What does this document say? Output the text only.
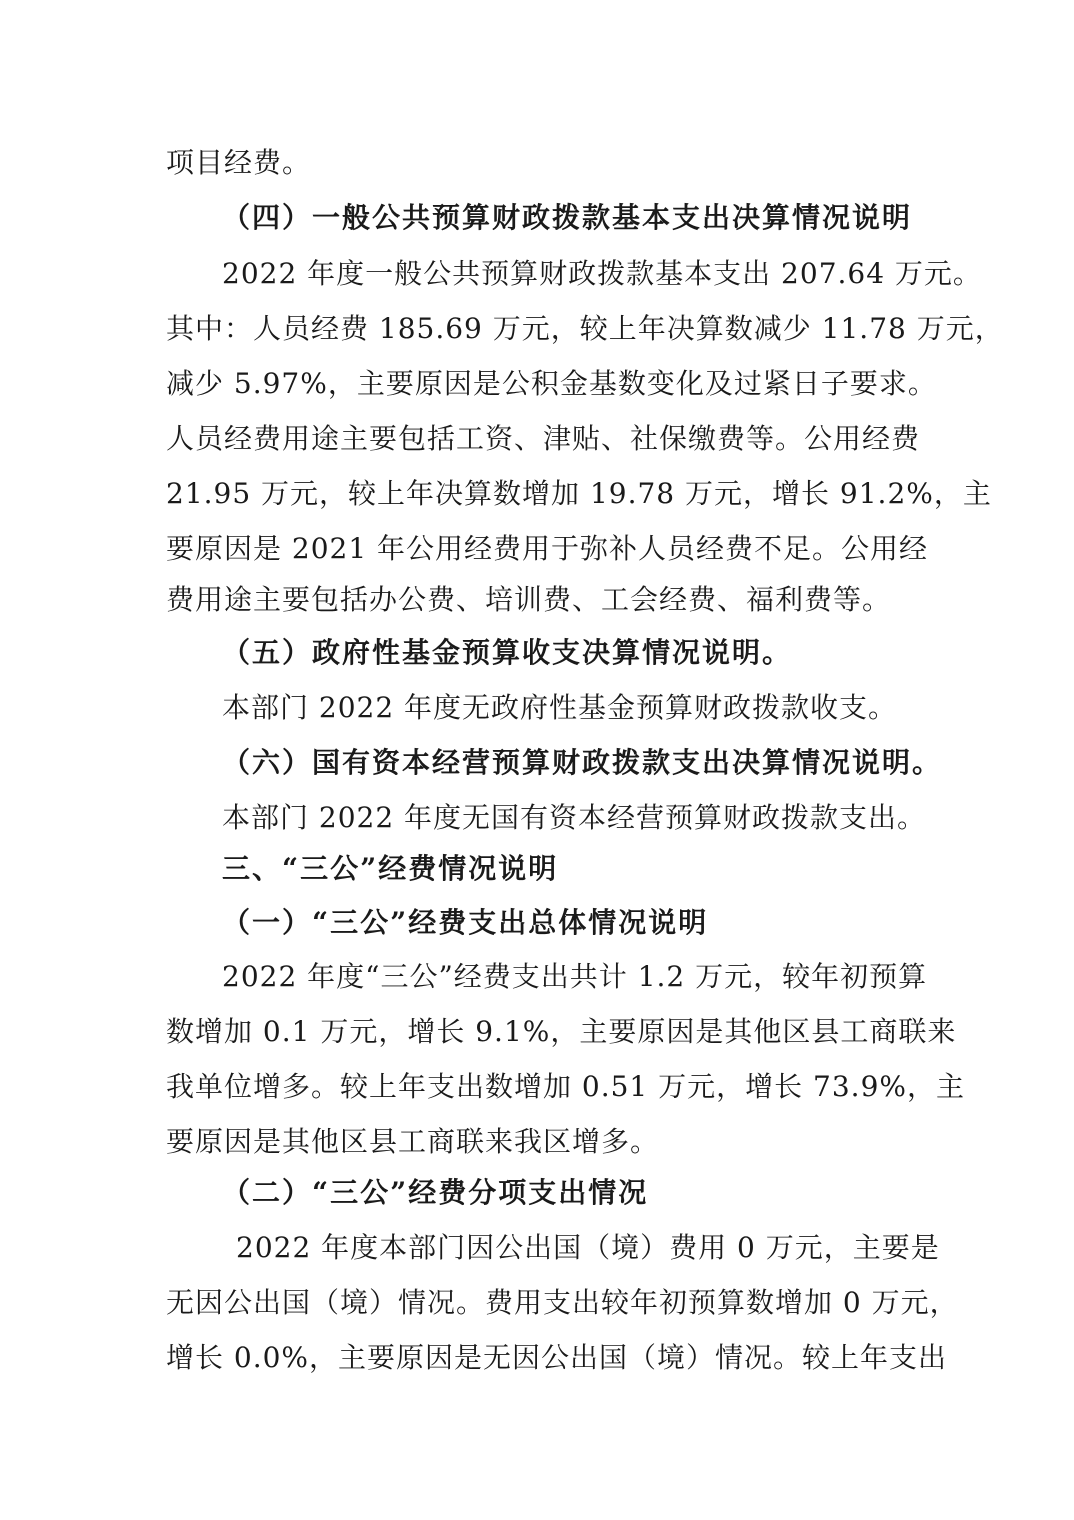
项目经费。
（四）一般公共预算财政拨款基本支出决算情况说明
2022 年度一般公共预算财政拨款基本支出 207.64 万元。
其中：人员经费 185.69 万元，较上年决算数减少 11.78 万元，
减少 5.97%，主要原因是公积金基数变化及过紧日子要求。
人员经费用途主要包括工资、津贴、社保缴费等。公用经费
21.95 万元，较上年决算数增加 19.78 万元，增长 91.2%，主
要原因是 2021 年公用经费用于弥补人员经费不足。公用经
费用途主要包括办公费、培训费、工会经费、福利费等。
（五）政府性基金预算收支决算情况说明。
本部门 2022 年度无政府性基金预算财政拨款收支。
（六）国有资本经营预算财政拨款支出决算情况说明。
本部门 2022 年度无国有资本经营预算财政拨款支出。
三、“三公”经费情况说明
（一）“三公”经费支出总体情况说明
2022 年度“三公”经费支出共计 1.2 万元，较年初预算
数增加 0.1 万元，增长 9.1%，主要原因是其他区县工商联来
我单位增多。较上年支出数增加 0.51 万元，增长 73.9%，主
要原因是其他区县工商联来我区增多。
（二）“三公”经费分项支出情况
2022 年度本部门因公出国（境）费用 0 万元，主要是
无因公出国（境）情况。费用支出较年初预算数增加 0 万元，
增长 0.0%，主要原因是无因公出国（境）情况。较上年支出
